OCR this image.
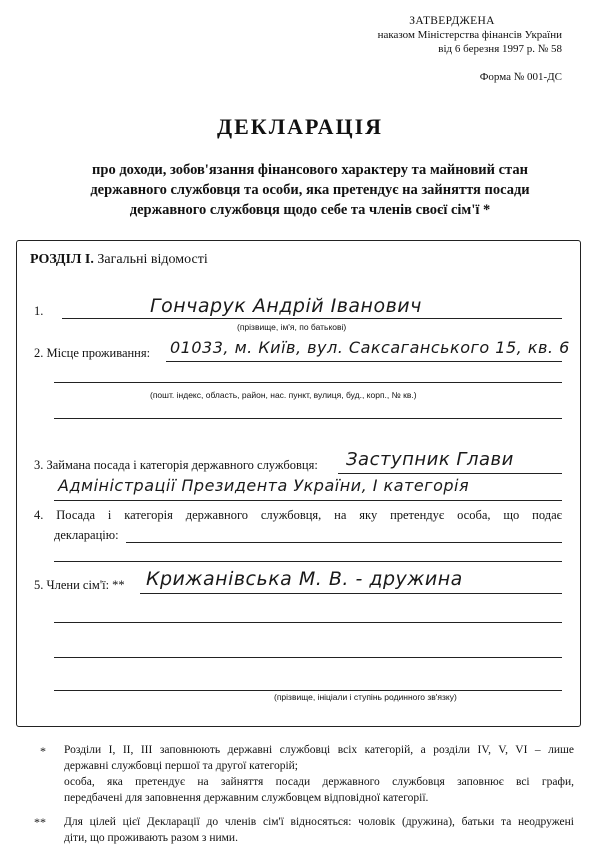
ЗАТВЕРДЖЕНА
наказом Міністерства фінансів України
від 6 березня 1997 р. № 58
Форма № 001-ДС
ДЕКЛАРАЦІЯ
про доходи, зобов'язання фінансового характеру та майновий стан
державного службовця та особи, яка претендує на зайняття посади
державного службовця щодо себе та членів своєї сім'ї *
РОЗДІЛ І. Загальні відомості
1.	Гончарук Андрій Іванович
(прізвище, ім'я, по батькові)
2. Місце проживання: 01033, м. Київ, вул. Саксаганського 15, кв. 6
(пошт. індекс, область, район, нас. пункт, вулиця, буд., корп., № кв.)
3. Займана посада і категорія державного службовця: Заступник Глави
Адміністрації Президента України, І категорія
4. Посада і категорія державного службовця, на яку претендує особа, що подає
декларацію:
5. Члени сім'ї: ** Крижанівська М. В. - дружина
(прізвище, ініціали і ступінь родинного зв'язку)
* Розділи І, ІІ, ІІІ заповнюють державні службовці всіх категорій, а розділи IV, V, VI – лише
державні службовці першої та другої категорій;
особа, яка претендує на зайняття посади державного службовця заповнює всі графи,
передбачені для заповнення державним службовцем відповідної категорії.
** Для цілей цієї Декларації до членів сім'ї відносяться: чоловік (дружина), батьки та неодружені
діти, що проживають разом з ними.
